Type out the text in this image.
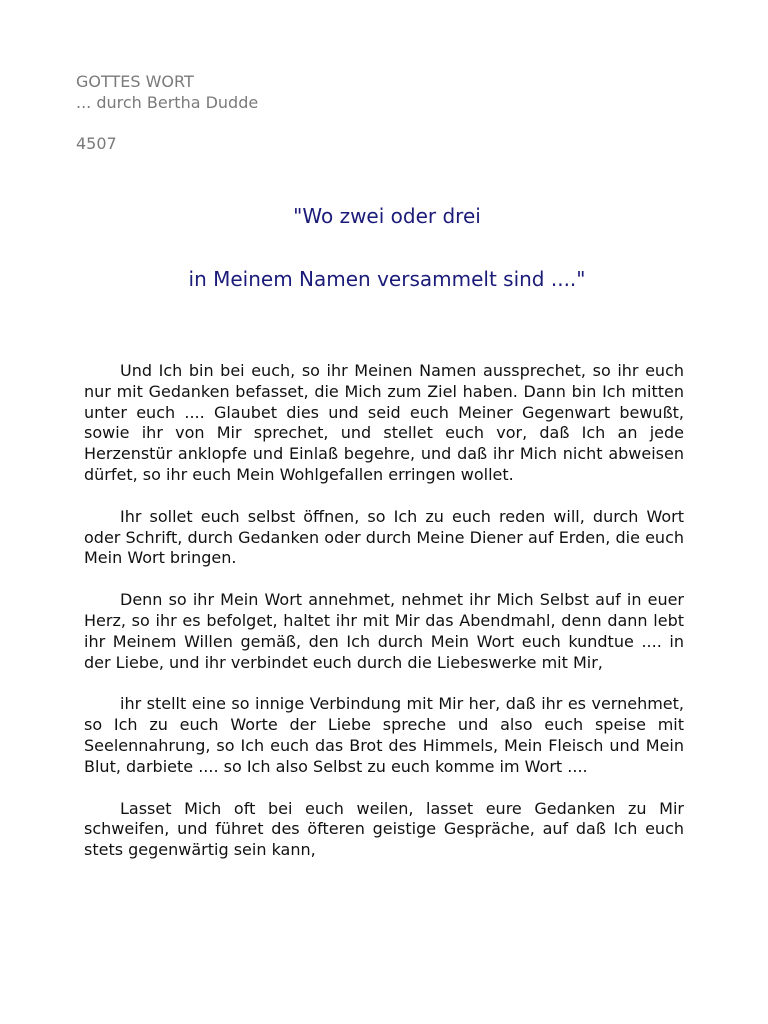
GOTTES WORT
... durch Bertha Dudde
4507
"Wo zwei oder drei
in Meinem Namen versammelt sind ...."

Und Ich bin bei euch, so ihr Meinen Namen aussprechet, so ihr euch nur mit Gedanken befasset, die Mich zum Ziel haben. Dann bin Ich mitten unter euch .... Glaubet dies und seid euch Meiner Gegenwart bewußt, sowie ihr von Mir sprechet, und stellet euch vor, daß Ich an jede Herzenstür anklopfe und Einlaß begehre, und daß ihr Mich nicht abweisen dürfet, so ihr euch Mein Wohlgefallen erringen wollet.

Ihr sollet euch selbst öffnen, so Ich zu euch reden will, durch Wort oder Schrift, durch Gedanken oder durch Meine Diener auf Erden, die euch Mein Wort bringen.

Denn so ihr Mein Wort annehmet, nehmet ihr Mich Selbst auf in euer Herz, so ihr es befolget, haltet ihr mit Mir das Abendmahl, denn dann lebt ihr Meinem Willen gemäß, den Ich durch Mein Wort euch kundtue .... in der Liebe, und ihr verbindet euch durch die Liebeswerke mit Mir,

ihr stellt eine so innige Verbindung mit Mir her, daß ihr es vernehmet, so Ich zu euch Worte der Liebe spreche und also euch speise mit Seelennahrung, so Ich euch das Brot des Himmels, Mein Fleisch und Mein Blut, darbiete .... so Ich also Selbst zu euch komme im Wort ....

Lasset Mich oft bei euch weilen, lasset eure Gedanken zu Mir schweifen, und führet des öfteren geistige Gespräche, auf daß Ich euch stets gegenwärtig sein kann,
